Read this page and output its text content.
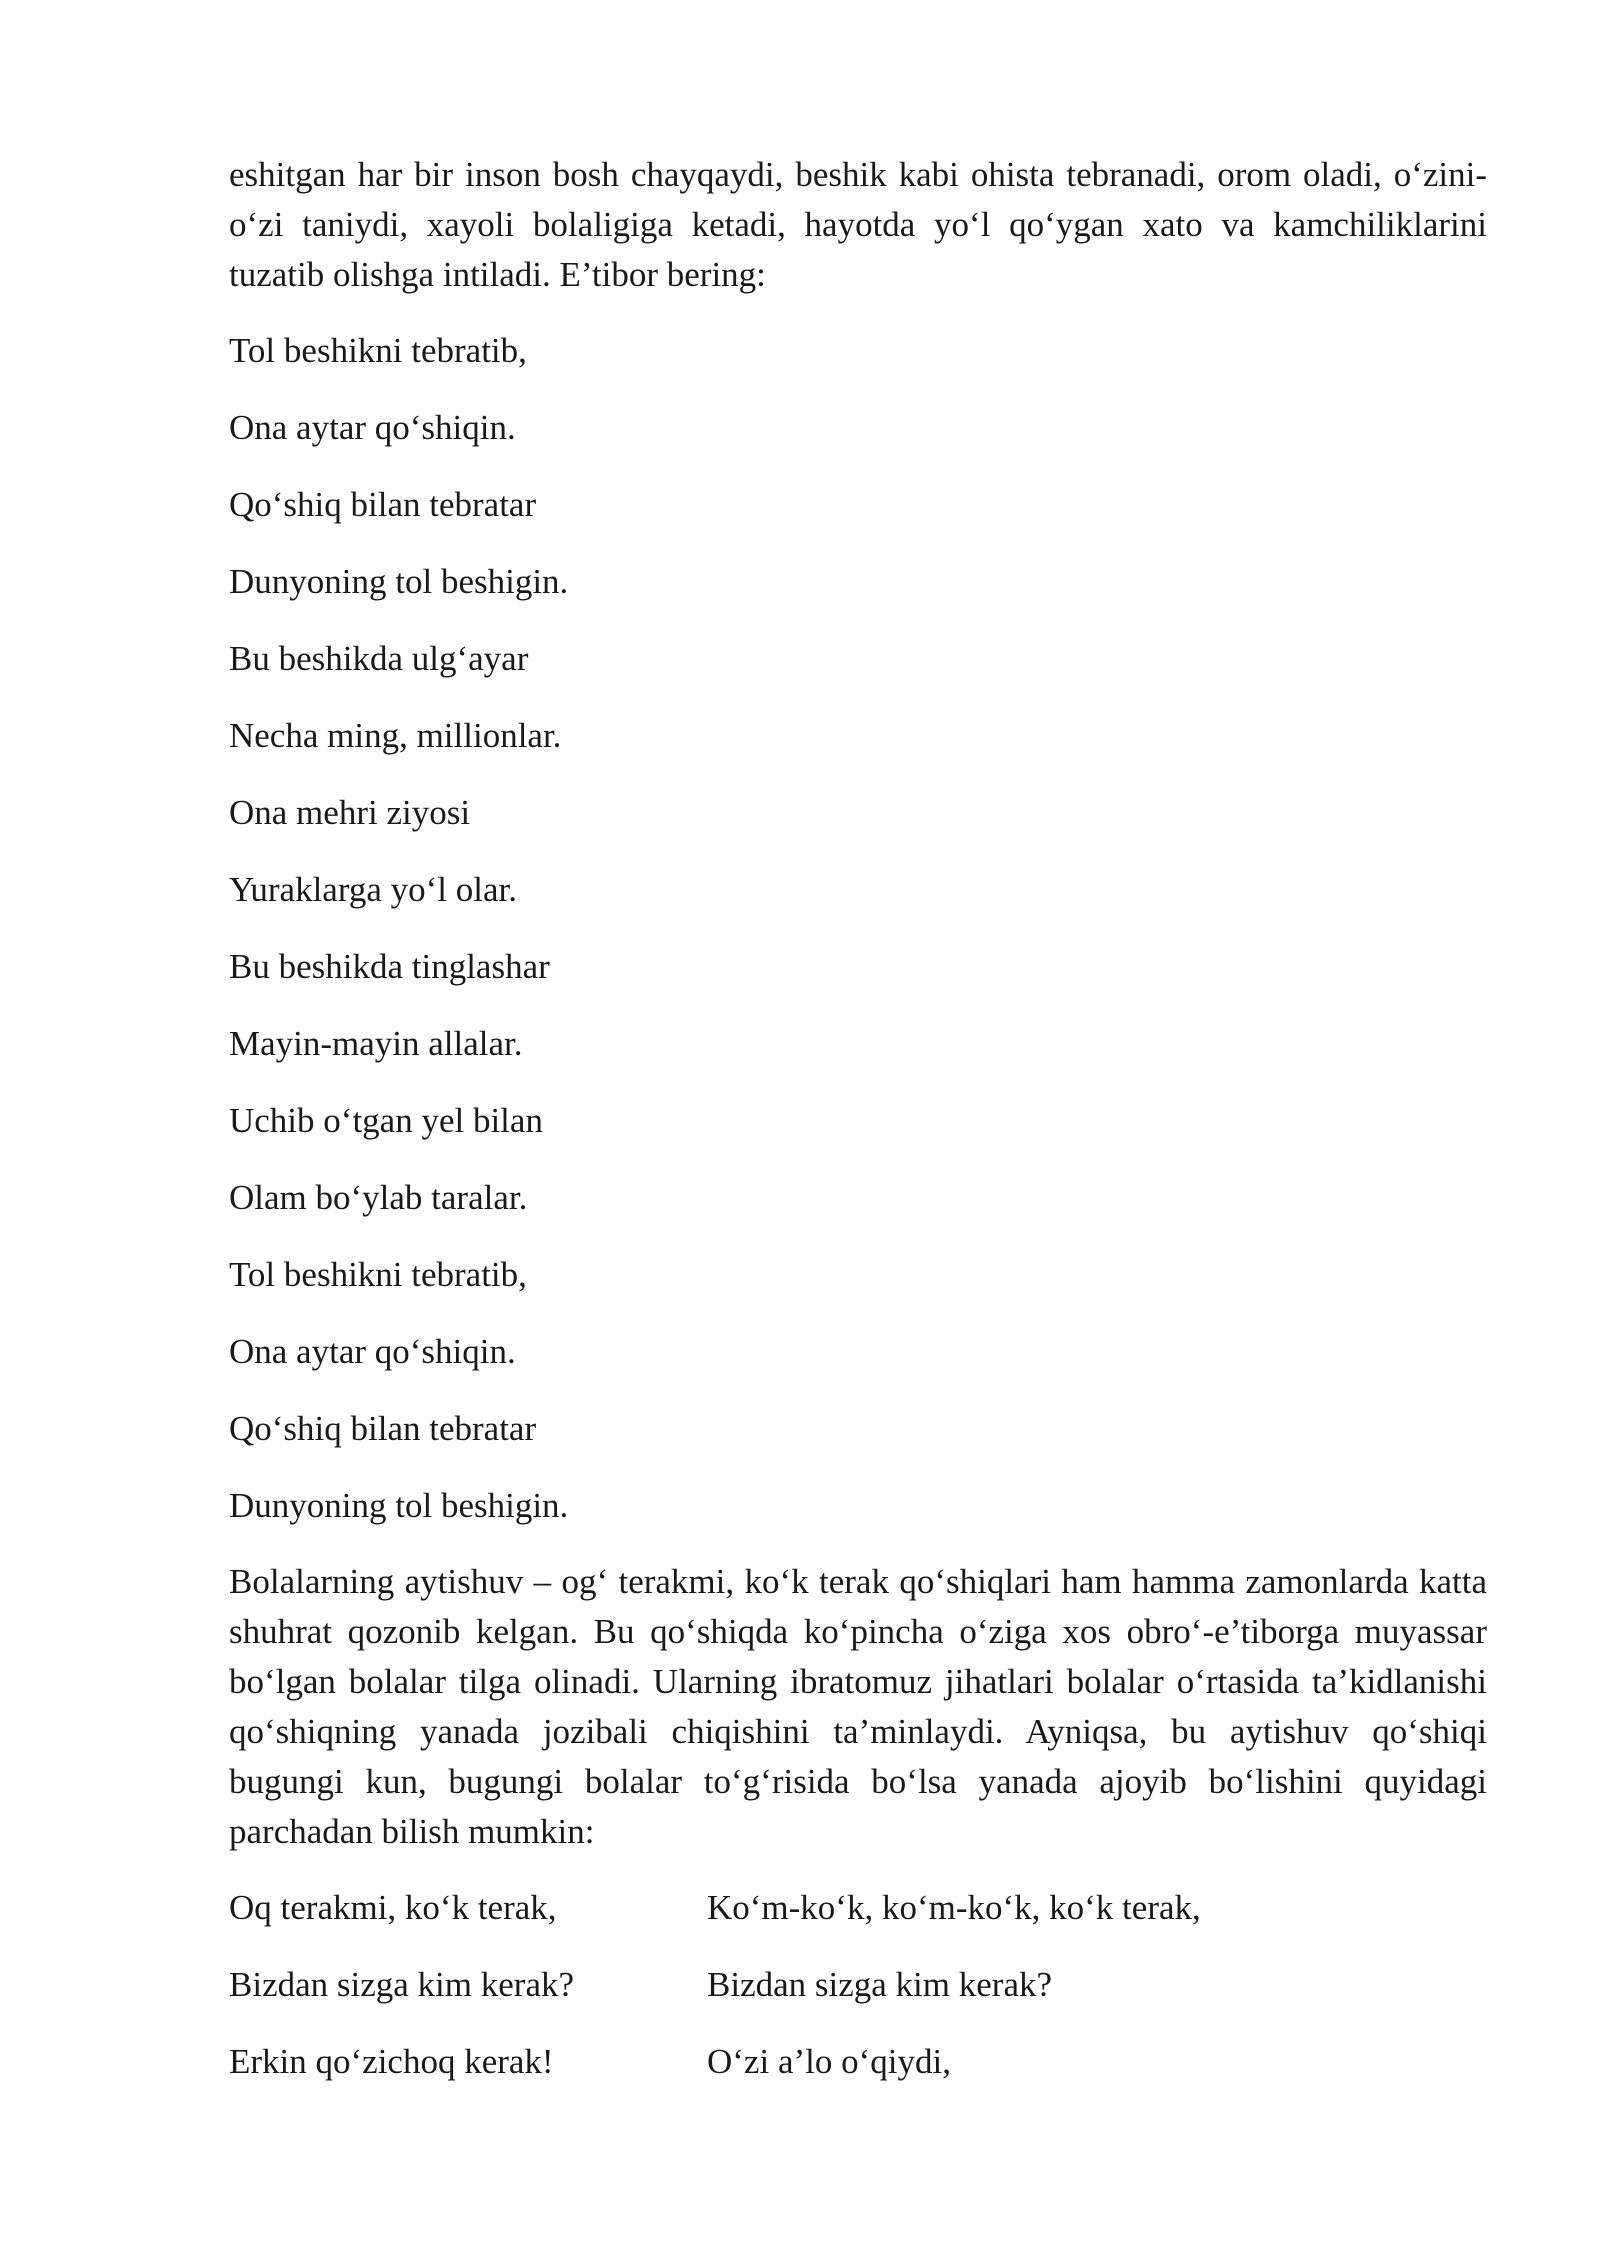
eshitgan har bir inson bosh chayqaydi, beshik kabi ohista tebranadi, orom oladi, o‘zini-o‘zi taniydi, xayoli bolaligiga ketadi, hayotda yo‘l qo‘ygan xato va kamchiliklarini tuzatib olishga intiladi. E’tibor bering:

Tol beshikni tebratib,

Ona aytar qo‘shiqin.

Qo‘shiq bilan tebratar

Dunyoning tol beshigin.

Bu beshikda ulg‘ayar

Necha ming, millionlar.

Ona mehri ziyosi

Yuraklarga yo‘l olar.

Bu beshikda tinglashar

Mayin-mayin allalar.

Uchib o‘tgan yel bilan

Olam bo‘ylab taralar.

Tol beshikni tebratib,

Ona aytar qo‘shiqin.

Qo‘shiq bilan tebratar

Dunyoning tol beshigin.

Bolalarning aytishuv – og‘ terakmi, ko‘k terak qo‘shiqlari ham hamma zamonlarda katta shuhrat qozonib kelgan. Bu qo‘shiqda ko‘pincha o‘ziga xos obro‘-e’tiborga muyassar bo‘lgan bolalar tilga olinadi. Ularning ibratomuz jihatlari bolalar o‘rtasida ta’kidlanishi qo‘shiqning yanada jozibali chiqishini ta’minlaydi. Ayniqsa, bu aytishuv qo‘shiqi bugungi kun, bugungi bolalar to‘g‘risida bo‘lsa yanada ajoyib bo‘lishini quyidagi parchadan bilish mumkin:

Oq terakmi, ko‘k terak,	Ko‘m-ko‘k, ko‘m-ko‘k, ko‘k terak,
Bizdan sizga kim kerak?	Bizdan sizga kim kerak?
Erkin qo‘zichoq kerak!	O‘zi a’lo o‘qiydi,
